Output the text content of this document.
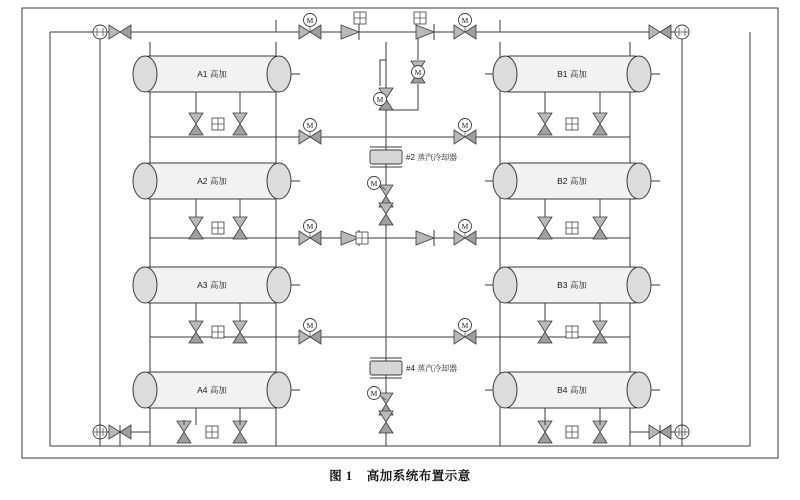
A1 高加
A2 高加
A3 高加
A4 高加
B1 高加
B2 高加
B3 高加
B4 高加
#2 蒸汽冷却器
#4 蒸汽冷却器
M	M
M
M
M	M
M
M	M
M	M
M
图 1 高加系统布置示意
